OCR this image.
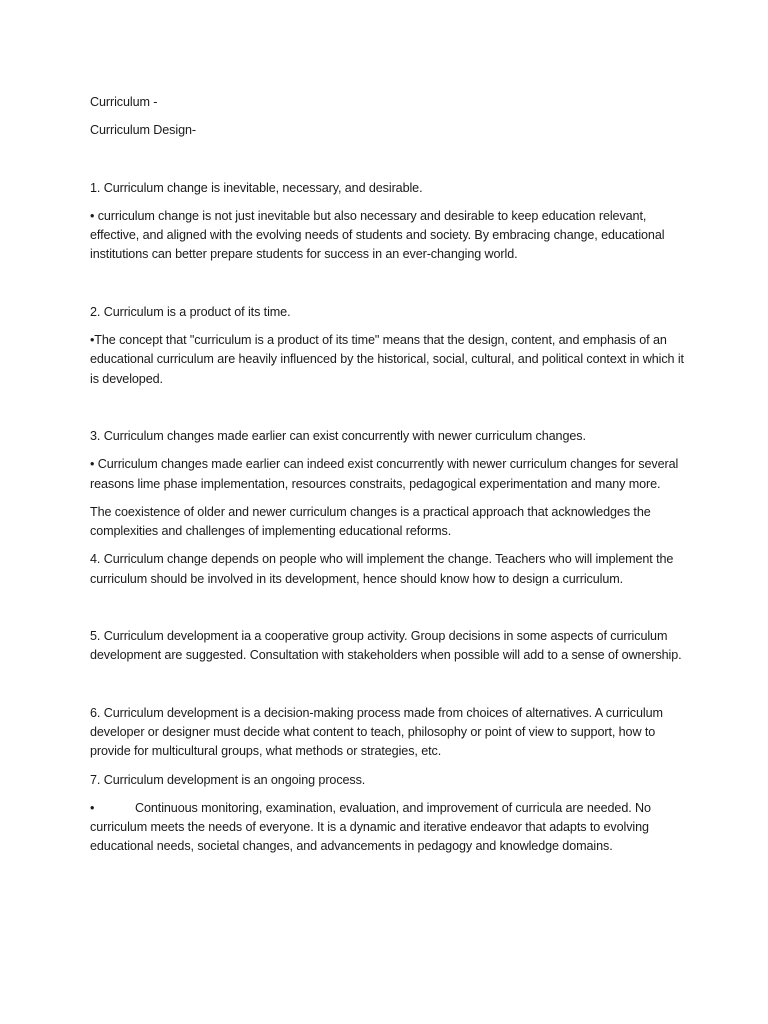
Curriculum -

Curriculum Design-

1. Curriculum change is inevitable, necessary, and desirable.

• curriculum change is not just inevitable but also necessary and desirable to keep education relevant, effective, and aligned with the evolving needs of students and society. By embracing change, educational institutions can better prepare students for success in an ever-changing world.

2. Curriculum is a product of its time.

•The concept that "curriculum is a product of its time" means that the design, content, and emphasis of an educational curriculum are heavily influenced by the historical, social, cultural, and political context in which it is developed.

3. Curriculum changes made earlier can exist concurrently with newer curriculum changes.

• Curriculum changes made earlier can indeed exist concurrently with newer curriculum changes for several reasons lime phase implementation, resources constraits, pedagogical experimentation and many more.

The coexistence of older and newer curriculum changes is a practical approach that acknowledges the complexities and challenges of implementing educational reforms.

4. Curriculum change depends on people who will implement the change. Teachers who will implement the curriculum should be involved in its development, hence should know how to design a curriculum.

5. Curriculum development ia a cooperative group activity. Group decisions in some aspects of curriculum development are suggested. Consultation with stakeholders when possible will add to a sense of ownership.

6. Curriculum development is a decision-making process made from choices of alternatives. A curriculum developer or designer must decide what content to teach, philosophy or point of view to support, how to provide for multicultural groups, what methods or strategies, etc.

7. Curriculum development is an ongoing process.

•	Continuous monitoring, examination, evaluation, and improvement of curricula are needed. No curriculum meets the needs of everyone. It is a dynamic and iterative endeavor that adapts to evolving educational needs, societal changes, and advancements in pedagogy and knowledge domains.
